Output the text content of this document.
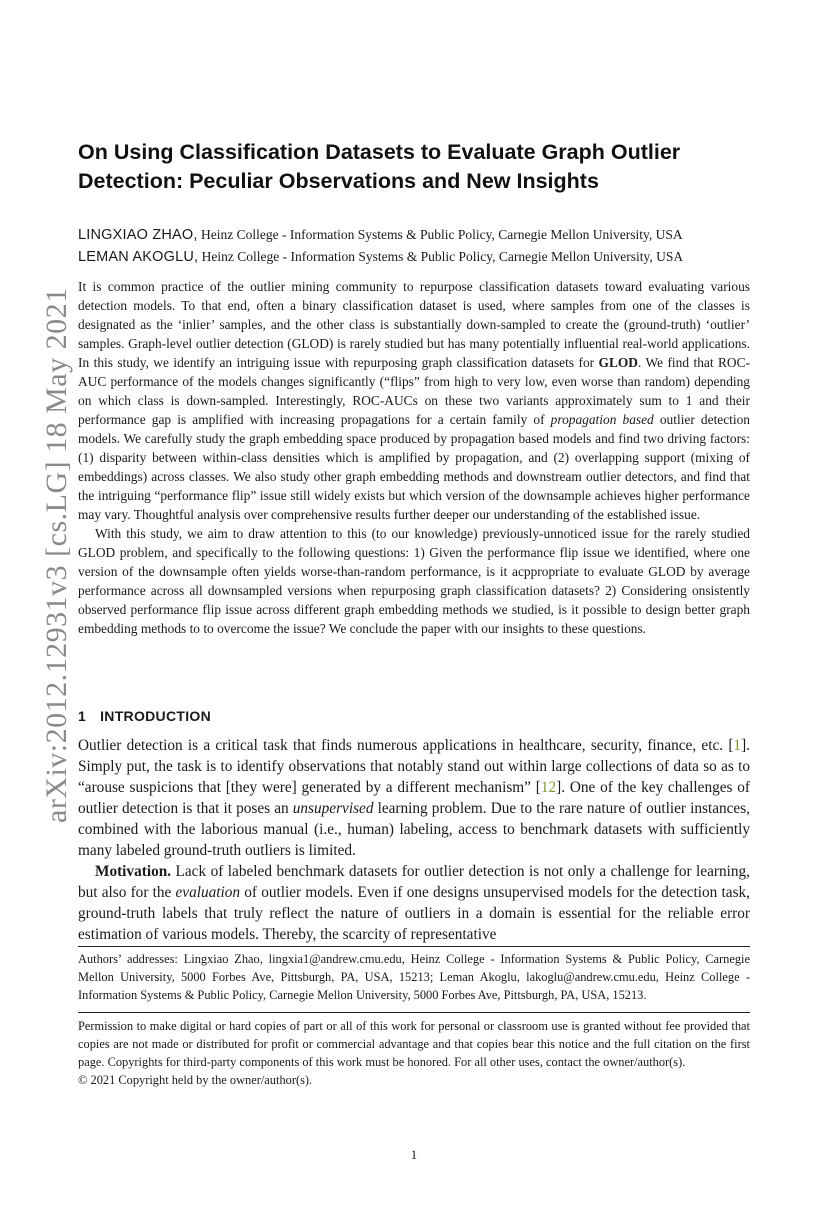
arXiv:2012.12931v3 [cs.LG] 18 May 2021
On Using Classification Datasets to Evaluate Graph Outlier Detection: Peculiar Observations and New Insights
LINGXIAO ZHAO, Heinz College - Information Systems & Public Policy, Carnegie Mellon University, USA
LEMAN AKOGLU, Heinz College - Information Systems & Public Policy, Carnegie Mellon University, USA

It is common practice of the outlier mining community to repurpose classification datasets toward evaluating various detection models. To that end, often a binary classification dataset is used, where samples from one of the classes is designated as the ‘inlier’ samples, and the other class is substantially down-sampled to create the (ground-truth) ‘outlier’ samples. Graph-level outlier detection (GLOD) is rarely studied but has many potentially influential real-world applications. In this study, we identify an intriguing issue with repurposing graph classification datasets for GLOD. We find that ROC-AUC performance of the models changes significantly (“flips” from high to very low, even worse than random) depending on which class is down-sampled. Interestingly, ROC-AUCs on these two variants approximately sum to 1 and their performance gap is amplified with increasing propagations for a certain family of propagation based outlier detection models. We carefully study the graph embedding space produced by propagation based models and find two driving factors: (1) disparity between within-class densities which is amplified by propagation, and (2) overlapping support (mixing of embeddings) across classes. We also study other graph embedding methods and downstream outlier detectors, and find that the intriguing “performance flip” issue still widely exists but which version of the downsample achieves higher performance may vary. Thoughtful analysis over comprehensive results further deeper our understanding of the established issue.

With this study, we aim to draw attention to this (to our knowledge) previously-unnoticed issue for the rarely studied GLOD problem, and specifically to the following questions: 1) Given the performance flip issue we identified, where one version of the downsample often yields worse-than-random performance, is it acppropriate to evaluate GLOD by average performance across all downsampled versions when repurposing graph classification datasets? 2) Considering onsistently observed performance flip issue across different graph embedding methods we studied, is it possible to design better graph embedding methods to to overcome the issue? We conclude the paper with our insights to these questions.

1 INTRODUCTION

Outlier detection is a critical task that finds numerous applications in healthcare, security, finance, etc. [1]. Simply put, the task is to identify observations that notably stand out within large collections of data so as to “arouse suspicions that [they were] generated by a different mechanism” [12]. One of the key challenges of outlier detection is that it poses an unsupervised learning problem. Due to the rare nature of outlier instances, combined with the laborious manual (i.e., human) labeling, access to benchmark datasets with sufficiently many labeled ground-truth outliers is limited.

Motivation. Lack of labeled benchmark datasets for outlier detection is not only a challenge for learning, but also for the evaluation of outlier models. Even if one designs unsupervised models for the detection task, ground-truth labels that truly reflect the nature of outliers in a domain is essential for the reliable error estimation of various models. Thereby, the scarcity of representative

Authors’ addresses: Lingxiao Zhao, lingxia1@andrew.cmu.edu, Heinz College - Information Systems & Public Policy, Carnegie Mellon University, 5000 Forbes Ave, Pittsburgh, PA, USA, 15213; Leman Akoglu, lakoglu@andrew.cmu.edu, Heinz College - Information Systems & Public Policy, Carnegie Mellon University, 5000 Forbes Ave, Pittsburgh, PA, USA, 15213.

Permission to make digital or hard copies of part or all of this work for personal or classroom use is granted without fee provided that copies are not made or distributed for profit or commercial advantage and that copies bear this notice and the full citation on the first page. Copyrights for third-party components of this work must be honored. For all other uses, contact the owner/author(s).

© 2021 Copyright held by the owner/author(s).

1
